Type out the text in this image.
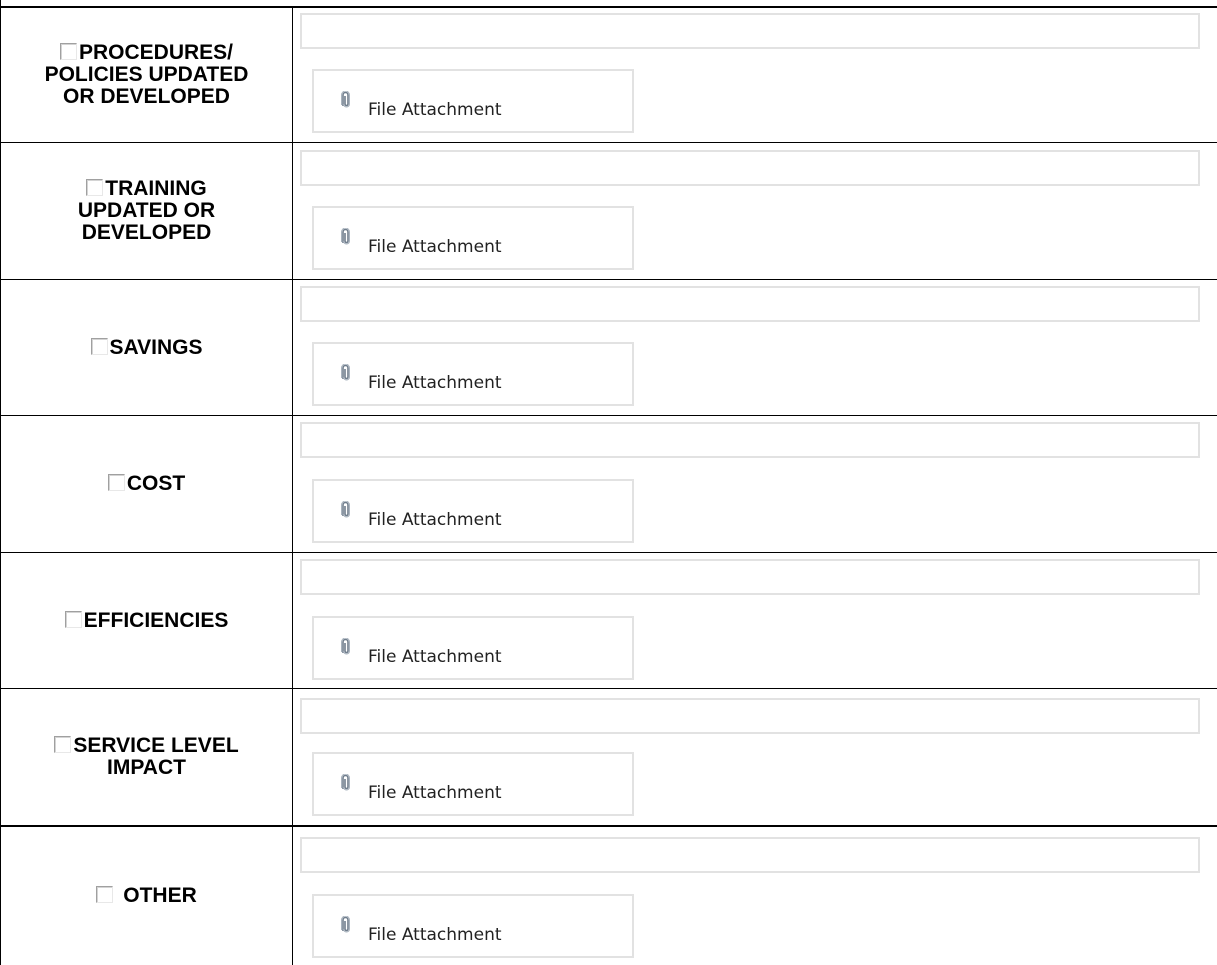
PROCEDURES/
POLICIES UPDATED
OR DEVELOPED
File Attachment
TRAINING
UPDATED OR
DEVELOPED
File Attachment
SAVINGS
File Attachment
COST
File Attachment
EFFICIENCIES
File Attachment
SERVICE LEVEL
IMPACT
File Attachment
OTHER
File Attachment
